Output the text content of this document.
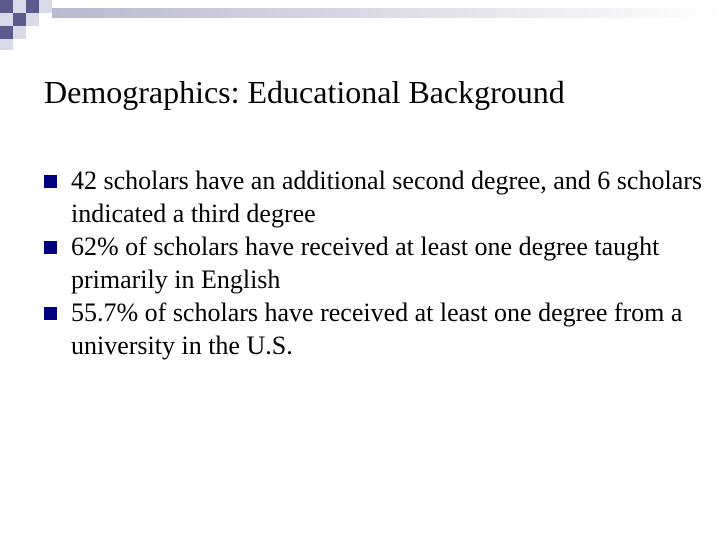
Demographics: Educational Background
42 scholars have an additional second degree, and 6 scholars indicated a third degree
62% of scholars have received at least one degree taught primarily in English
55.7% of scholars have received at least one degree from a university in the U.S.
